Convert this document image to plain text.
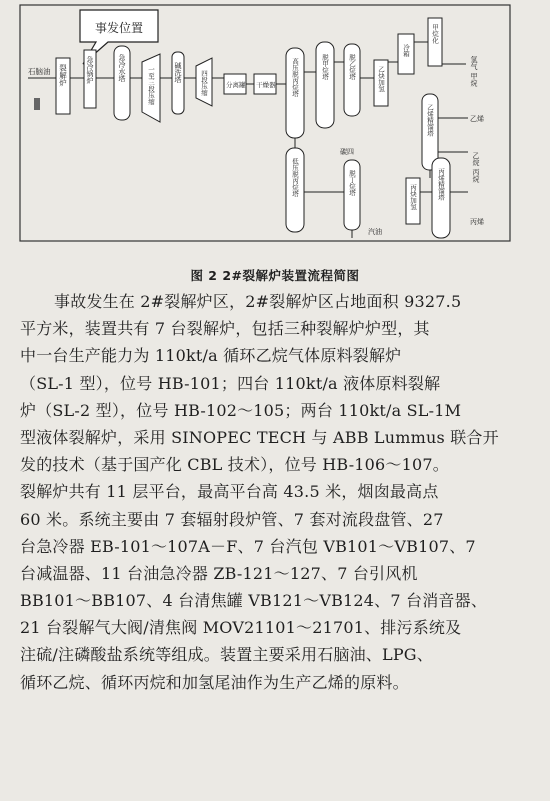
事发位置
石脑油 裂解炉	急冷锅炉	急冷水塔	一至三段压缩	碱洗塔	四段压缩	分离罐 干燥器 高压脱丙烷塔
低压脱丙烷塔
脱甲烷塔	脱乙烷塔	乙炔加氢
冷箱
甲烷化
氢气 甲烷
乙烯精馏塔	乙烯
乙烷 丙烷
碳四
脱丁烷塔
汽油
丙炔加氢	丙烯精馏塔
丙烯
图 2 2#裂解炉装置流程简图
事故发生在 2#裂解炉区，2#裂解炉区占地面积 9327.5
平方米，装置共有 7 台裂解炉，包括三种裂解炉炉型，其
中一台生产能力为 110kt/a 循环乙烷气体原料裂解炉
（SL-1 型），位号 HB-101；四台 110kt/a 液体原料裂解
炉（SL-2 型），位号 HB-102～105；两台 110kt/a SL-1M
型液体裂解炉，采用 SINOPEC TECH 与 ABB Lummus 联合开
发的技术（基于国产化 CBL 技术），位号 HB-106～107。
裂解炉共有 11 层平台，最高平台高 43.5 米，烟囱最高点
60 米。系统主要由 7 套辐射段炉管、7 套对流段盘管、27
台急冷器 EB-101～107A－F、7 台汽包 VB101～VB107、7
台减温器、11 台油急冷器 ZB-121～127、7 台引风机
BB101～BB107、4 台清焦罐 VB121～VB124、7 台消音器、
21 台裂解气大阀/清焦阀 MOV21101～21701、排污系统及
注硫/注磷酸盐系统等组成。装置主要采用石脑油、LPG、
循环乙烷、循环丙烷和加氢尾油作为生产乙烯的原料。
